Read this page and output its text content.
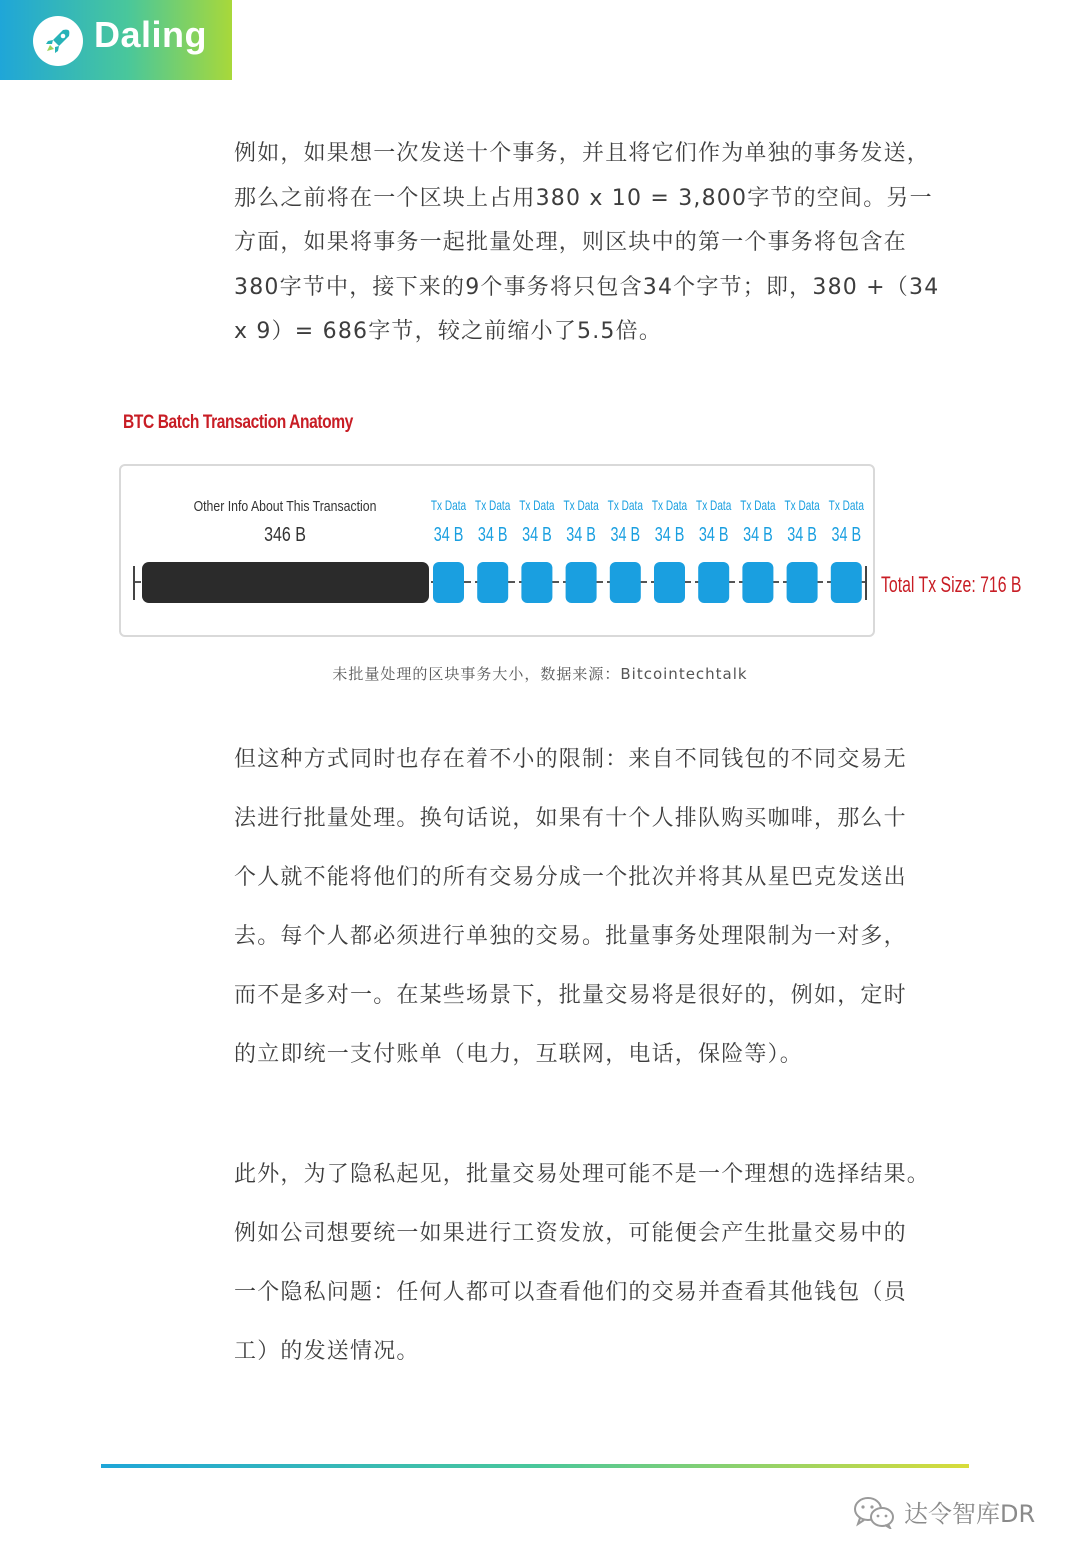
Daling
例如，如果想一次发送十个事务，并且将它们作为单独的事务发送，
那么之前将在一个区块上占用380 x 10 = 3,800字节的空间。另一
方面，如果将事务一起批量处理，则区块中的第一个事务将包含在
380字节中，接下来的9个事务将只包含34个字节；即，380 +（34
x 9）= 686字节，较之前缩小了5.5倍。
BTC Batch Transaction Anatomy
Other Info About This Transaction
346 B
Tx Data
34 B
Tx Data
34 B
Tx Data
34 B
Tx Data
34 B
Tx Data
34 B
Tx Data
34 B
Tx Data
34 B
Tx Data
34 B
Tx Data
34 B
Tx Data
34 B
Total Tx Size: 716 B
未批量处理的区块事务大小，数据来源：Bitcointechtalk
但这种方式同时也存在着不小的限制：来自不同钱包的不同交易无
法进行批量处理。换句话说，如果有十个人排队购买咖啡，那么十
个人就不能将他们的所有交易分成一个批次并将其从星巴克发送出
去。每个人都必须进行单独的交易。批量事务处理限制为一对多，
而不是多对一。在某些场景下，批量交易将是很好的，例如，定时
的立即统一支付账单（电力，互联网，电话，保险等）。
此外，为了隐私起见，批量交易处理可能不是一个理想的选择结果。
例如公司想要统一如果进行工资发放，可能便会产生批量交易中的
一个隐私问题：任何人都可以查看他们的交易并查看其他钱包（员
工）的发送情况。
达令智库DR
